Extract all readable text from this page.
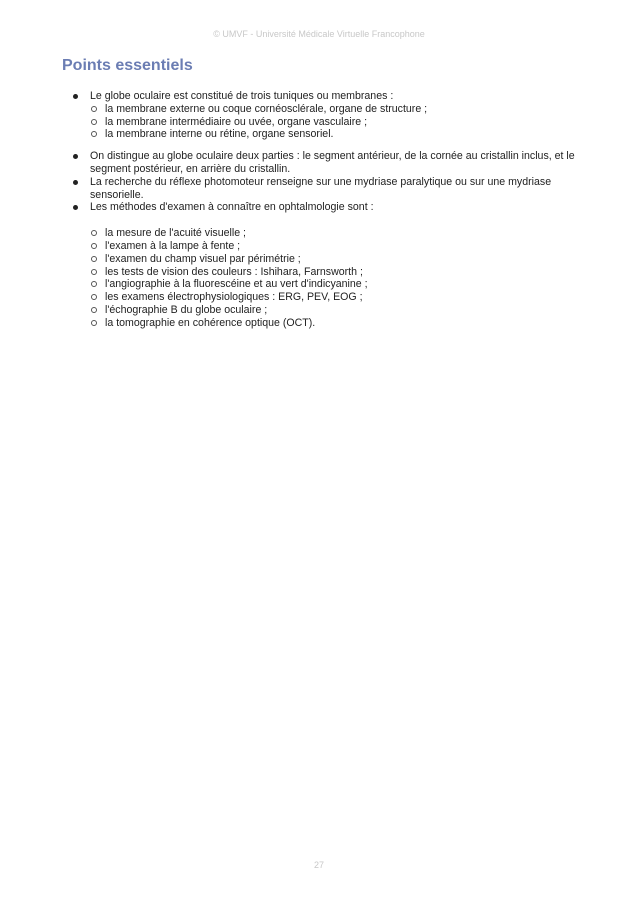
© UMVF - Université Médicale Virtuelle Francophone
Points essentiels
Le globe oculaire est constitué de trois tuniques ou membranes :
la membrane externe ou coque cornéosclérale, organe de structure ;
la membrane intermédiaire ou uvée, organe vasculaire ;
la membrane interne ou rétine, organe sensoriel.
On distingue au globe oculaire deux parties : le segment antérieur, de la cornée au cristallin inclus, et le segment postérieur, en arrière du cristallin.
La recherche du réflexe photomoteur renseigne sur une mydriase paralytique ou sur une mydriase sensorielle.
Les méthodes d'examen à connaître en ophtalmologie sont :
la mesure de l'acuité visuelle ;
l'examen à la lampe à fente ;
l'examen du champ visuel par périmétrie ;
les tests de vision des couleurs : Ishihara, Farnsworth ;
l'angiographie à la fluorescéine et au vert d'indicyanine ;
les examens électrophysiologiques : ERG, PEV, EOG ;
l'échographie B du globe oculaire ;
la tomographie en cohérence optique (OCT).
27
